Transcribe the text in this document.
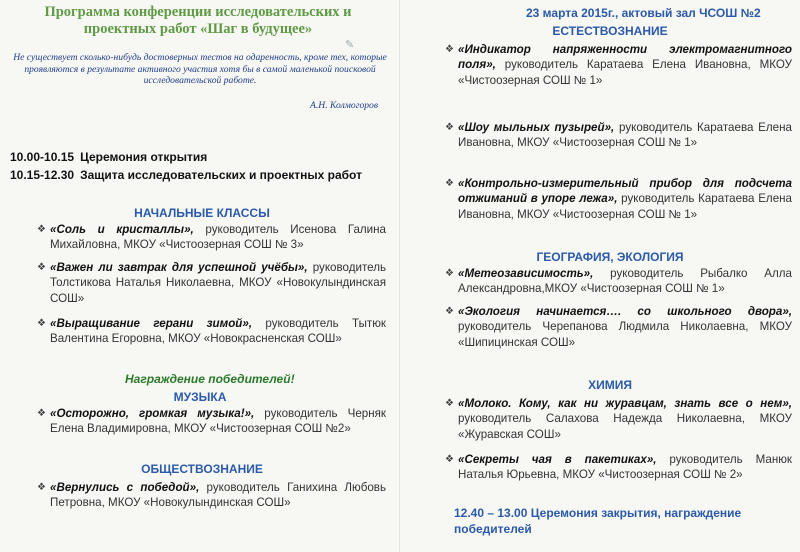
Программа конференции исследовательских и проектных работ «Шаг в будущее»
✎
Не существует сколько-нибудь достоверных тестов на одаренность, кроме тех, которые проявляются в результате активного участия хотя бы в самой маленькой поисковой исследовательской работе.
А.Н. Колмогоров
10.00-10.15 Церемония открытия
10.15-12.30 Защита исследовательских и проектных работ
НАЧАЛЬНЫЕ КЛАССЫ
❖ «Соль и кристаллы», руководитель Исенова Галина Михайловна, МКОУ «Чистоозерная СОШ № 3»
❖ «Важен ли завтрак для успешной учёбы», руководитель Толстикова Наталья Николаевна, МКОУ «Новокулындинская СОШ»
❖ «Выращивание герани зимой», руководитель Тытюк Валентина Егоровна, МКОУ «Новокрасненская СОШ»
Награждение победителей!
МУЗЫКА
❖ «Осторожно, громкая музыка!», руководитель Черняк Елена Владимировна, МКОУ «Чистоозерная СОШ №2»
ОБЩЕСТВОЗНАНИЕ
❖ «Вернулись с победой», руководитель Ганихина Любовь Петровна, МКОУ «Новокулындинская СОШ»
23 марта 2015г., актовый зал ЧСОШ №2
ЕСТЕСТВОЗНАНИЕ
❖ «Индикатор напряженности электромагнитного поля», руководитель Каратаева Елена Ивановна, МКОУ «Чистоозерная СОШ № 1»
❖ «Шоу мыльных пузырей», руководитель Каратаева Елена Ивановна, МКОУ «Чистоозерная СОШ № 1»
❖ «Контрольно-измерительный прибор для подсчета отжиманий в упоре лежа», руководитель Каратаева Елена Ивановна, МКОУ «Чистоозерная СОШ № 1»
ГЕОГРАФИЯ, ЭКОЛОГИЯ
❖ «Метеозависимость», руководитель Рыбалко Алла Александровна,МКОУ «Чистоозерная СОШ № 1»
❖ «Экология начинается…. со школьного двора», руководитель Черепанова Людмила Николаевна, МКОУ «Шипицинская СОШ»
ХИМИЯ
❖ «Молоко. Кому, как ни журавцам, знать все о нем», руководитель Салахова Надежда Николаевна, МКОУ «Журавская СОШ»
❖ «Секреты чая в пакетиках», руководитель Манюк Наталья Юрьевна, МКОУ «Чистоозерная СОШ № 2»
12.40 – 13.00 Церемония закрытия, награждение победителей
